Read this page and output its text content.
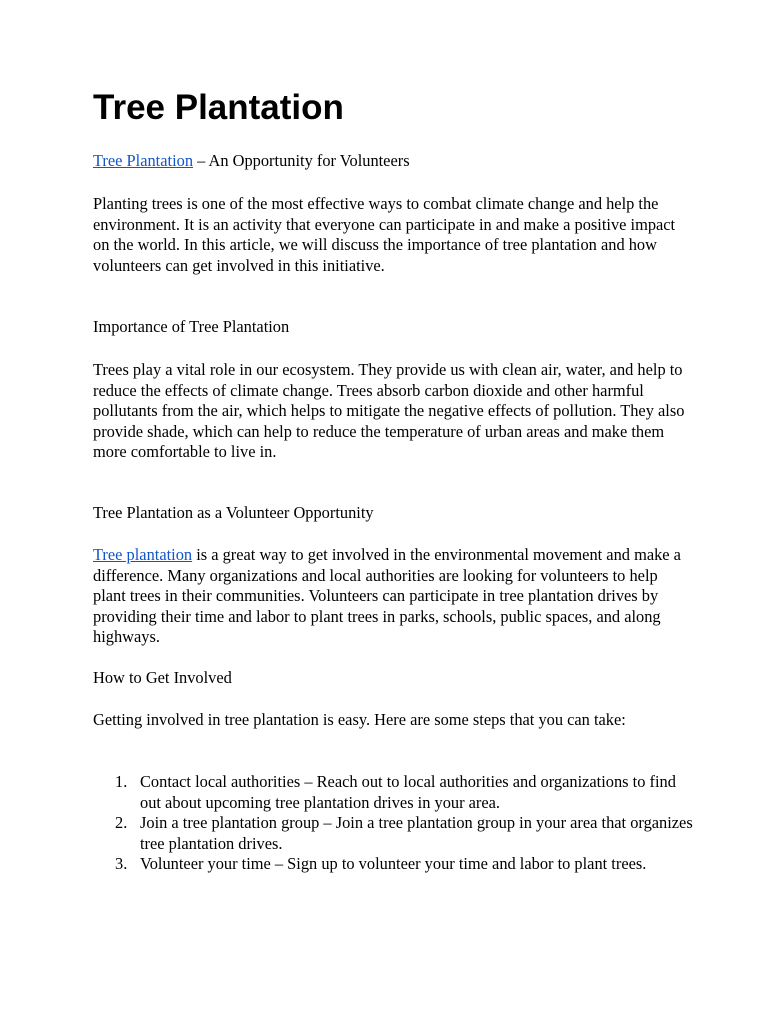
Tree Plantation

Tree Plantation – An Opportunity for Volunteers

Planting trees is one of the most effective ways to combat climate change and help the environment. It is an activity that everyone can participate in and make a positive impact on the world. In this article, we will discuss the importance of tree plantation and how volunteers can get involved in this initiative.

Importance of Tree Plantation

Trees play a vital role in our ecosystem. They provide us with clean air, water, and help to reduce the effects of climate change. Trees absorb carbon dioxide and other harmful pollutants from the air, which helps to mitigate the negative effects of pollution. They also provide shade, which can help to reduce the temperature of urban areas and make them more comfortable to live in.

Tree Plantation as a Volunteer Opportunity

Tree plantation is a great way to get involved in the environmental movement and make a difference. Many organizations and local authorities are looking for volunteers to help plant trees in their communities. Volunteers can participate in tree plantation drives by providing their time and labor to plant trees in parks, schools, public spaces, and along highways.

How to Get Involved

Getting involved in tree plantation is easy. Here are some steps that you can take:

1. Contact local authorities – Reach out to local authorities and organizations to find out about upcoming tree plantation drives in your area.
2. Join a tree plantation group – Join a tree plantation group in your area that organizes tree plantation drives.
3. Volunteer your time – Sign up to volunteer your time and labor to plant trees.
